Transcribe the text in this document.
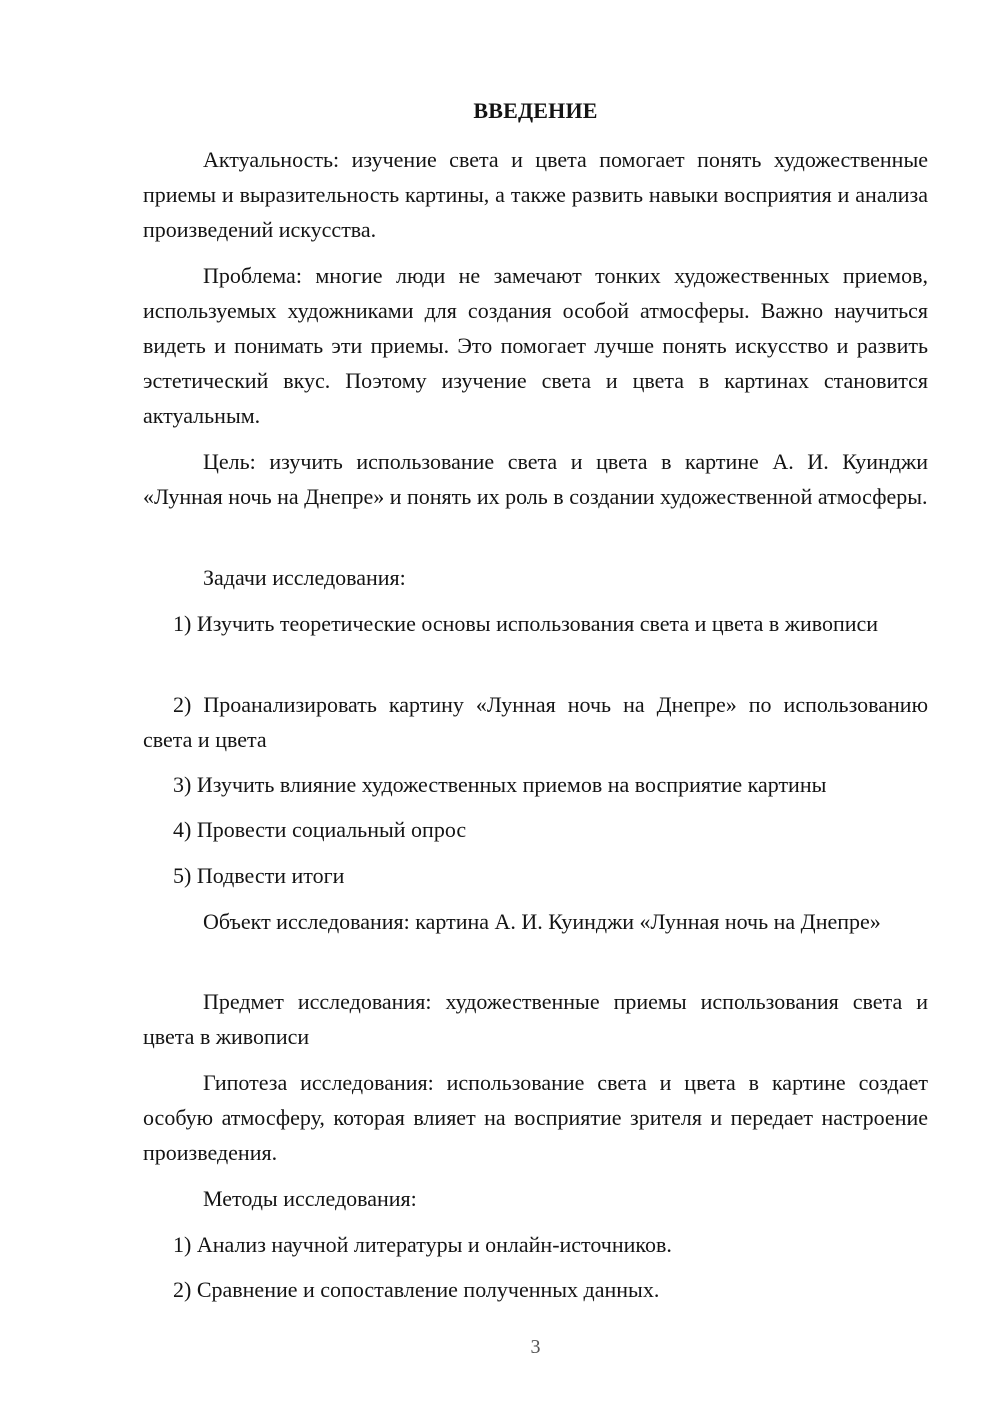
ВВЕДЕНИЕ

Актуальность: изучение света и цвета помогает понять художественные приемы и выразительность картины, а также развить навыки восприятия и анализа произведений искусства.

Проблема: многие люди не замечают тонких художественных приемов, используемых художниками для создания особой атмосферы. Важно научиться видеть и понимать эти приемы. Это помогает лучше понять искусство и развить эстетический вкус. Поэтому изучение света и цвета в картинах становится актуальным.

Цель: изучить использование света и цвета в картине А. И. Куинджи «Лунная ночь на Днепре» и понять их роль в создании художественной атмосферы.

Задачи исследования:

1) Изучить теоретические основы использования света и цвета в живописи

2) Проанализировать картину «Лунная ночь на Днепре» по использованию света и цвета

3) Изучить влияние художественных приемов на восприятие картины

4) Провести социальный опрос

5) Подвести итоги

Объект исследования: картина А. И. Куинджи «Лунная ночь на Днепре»

Предмет исследования: художественные приемы использования света и цвета в живописи

Гипотеза исследования: использование света и цвета в картине создает особую атмосферу, которая влияет на восприятие зрителя и передает настроение произведения.

Методы исследования:

1) Анализ научной литературы и онлайн-источников.

2) Сравнение и сопоставление полученных данных.

3
